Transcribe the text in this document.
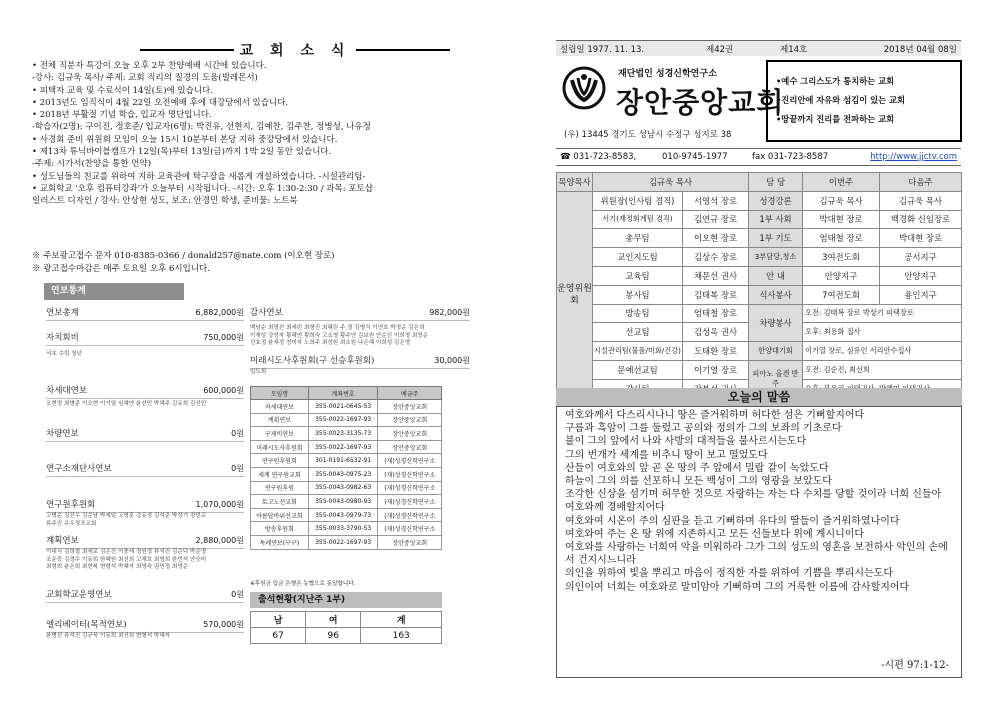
교 회 소 식
• 전체 직분자 특강이 오늘 오후 2부 찬양예배 시간에 있습니다.
-강사: 김규욱 목사/ 주제: 교회 직리의 질경의 도움(빌레몬서)
• 피택자 교육 및 수료식이 14일(토)에 있습니다.
• 2013년도 임직식이 4월 22일 오전예배 후에 대강당에서 있습니다.
• 2018년 부활절 기념 학습, 입교자 명단입니다.
-학습자(2명): 구이진, 정호준/ 입교자(6명): 박진유, 선현지, 김예찬, 김주찬, 정병성, 나유정
• 사경회 준비 위원회 모임이 오늘 15시 10분부터 본당 지하 중강당에서 있습니다.
• 제13차 튜닉바이블캠프가 12일(목)부터 13일(금)까지 1박 2일 동안 있습니다.
-주제: 시가서(찬양을 통한 언약)
• 성도님들의 친교를 위하여 지하 교육관에 탁구장을 새롭게 개설하였습니다. -시설관리팀-
• 교회학교 '오후 컴퓨터강좌'가 오늘부터 시작됩니다. -시간: 오후 1:30-2:30 / 과목: 포토샵
일러스트 디자인 / 강사: 안상현 성도, 보조: 안경민 학생, 준비물: 노트북
※ 주보광고접수 문자 010-8385-0366 / donald257@nate.com (이오현 장로)
※ 광고접수마감은 매주 토요일 오후 6시입니다.
연보통계
연보총계	6,882,000원
자치회비	750,000원
서초 수림 청년
차세대연보	600,000원
오현정 최병준 이오현 이기열 심혜연 윤선민 박혜주 김유희 김선민
차량연보	0원
연구소재단사연보	0원
연구원후원회	1,070,000원
고병순 김진우 김순남 박세일 고영훈 강유정 김석준 박상기 정민교
류주진 유우정조교회
계획연보	2,880,000원
이대식 김희철 최세로 김은진 이충세 정원정 류석진 김순덕 박순영
조운중 김경수 이동희 한혜원 최선희 고재호 최영희 한민석 안승미
최형희 윤은희 최현복 변형석 박혜자 최영숙 권민정 최영순
교회학교운영연보	0원
엘리베이터(목적연보)	570,000원
윤병선 류석진 김규욱 이동희 최선희 변형석 박혜자
감사연보	982,000원
백남순 최영진 최세린 최형진 최혜린 주 정 김병식 이연호 박정순 김은희
이재성 강성자 황혜연 황희숙 고소영 황주연 김보원 안순신 이희정 최영순
선효정 윤세경 정미자 노희주 최성원 최소원 나은혜 이희성 김은영
미래시도사후원회(구 선승후원회)	30,000원
임도희
모임명	계좌번호	예금주
차세대연보	355-0021-0645-53	장안중앙교회
계획연보	355-0022-1697-93	장안중앙교회
구제비연보	355-0023-3135-73	장안중앙교회
미래시도사후원회	355-0022-1697-93	장안중앙교회
연구원후원회	301-0191-6532-91	(재)성경신학연구소
세계 연구원교회	355-0043-0975-23	(재)성경신학연구소
연구원후원	355-0043-0982-63	(재)성경신학연구소
토고노선교회	355-0043-0980-93	(재)성경신학연구소
아름답바위선교회	355-0043-0979-73	(재)성경신학연구소
방송후원회	355-0033-3790-53	(재)성경신학연구소
특례연보(구구)	355-0022-1697-93	장안중앙교회
※후원금 입금 은행은 농협으로 동일합니다.
출석현황(지난주 1부)
남	여	계
67	96	163
설립일 1977. 11. 13.	제42권	제14호	2018년 04월 08일
재단법인 성경신학연구소
장안중앙교회
(우) 13445 경기도 성남시 수정구 성지로 38
•예수 그리스도가 통치하는 교회
•진리안에 자유와 섬김이 있는 교회
•땅끝까지 진리를 전파하는 교회
☎ 031-723-8583,	010-9745-1977	fax 031-723-8587	http://www.jjctv.com
목양목사	김규욱 목사		담 당	이번주	다음주
운영위원회	위원장(인사팀 겸직)	서영석 장로	성경강론	김규욱 목사	김규욱 목사
	서기(재정회계팀 겸직)	김연규 장로	1부 사회	박대현 장로	백경화 신임장로
	총무팀	이오현 장로	1부 기도	엄태철 장로	박대현 장로
	교인지도팀	김상수 장로	3부담당,청소	3여전도회	공서지구
	교육팀	채문선 권사	안 내	안양지구	안양지구
	봉사팀	김태복 장로	식사봉사	7여전도회	용인지구
	방송팀	엄태철 장로	차량봉사	오전: 김태복 장로 박상기 피택장로	
	선교팀	김성옥 권사		오후: 최용화 집사	
	시설관리팀(물품/미화/건강)	도태환 장로	한양대기회	이기열 장로, 심유인 서리안수집사	
	문예선교팀	이기열 장로	피아노 올겐 반주	오전: 김순진, 최선희	

오늘의 말씀
여호와께서 다스리시나니 땅은 즐거워하며 허다한 섬은 기뻐할지어다
구름과 흑암이 그를 둘렀고 공의와 정의가 그의 보좌의 기초로다
불이 그의 앞에서 나와 사방의 대적들을 불사르시는도다
그의 번개가 세계를 비추니 땅이 보고 떨었도다
산들이 여호와의 앞 곧 온 땅의 주 앞에서 밀랍 같이 녹았도다
하늘이 그의 의를 선포하니 모든 백성이 그의 영광을 보았도다
조각한 신상을 섬기며 허무한 것으로 자랑하는 자는 다 수치를 당할 것이라 너희 신들아 여호와께 경배할지어다
여호와여 시온이 주의 심판을 듣고 기뻐하며 유다의 딸들이 즐거워하였나이다
여호와여 주는 온 땅 위에 지존하시고 모든 신들보다 위에 계시니이다
여호와를 사랑하는 너희여 악을 미워하라 그가 그의 성도의 영혼을 보전하사 악인의 손에서 건지시느니라
의인을 위하여 빛을 뿌리고 마음이 정직한 자를 위하여 기쁨을 뿌리시는도다
의인이여 너희는 여호와로 말미암아 기뻐하며 그의 거룩한 이름에 감사할지어다
-시편 97:1-12-
